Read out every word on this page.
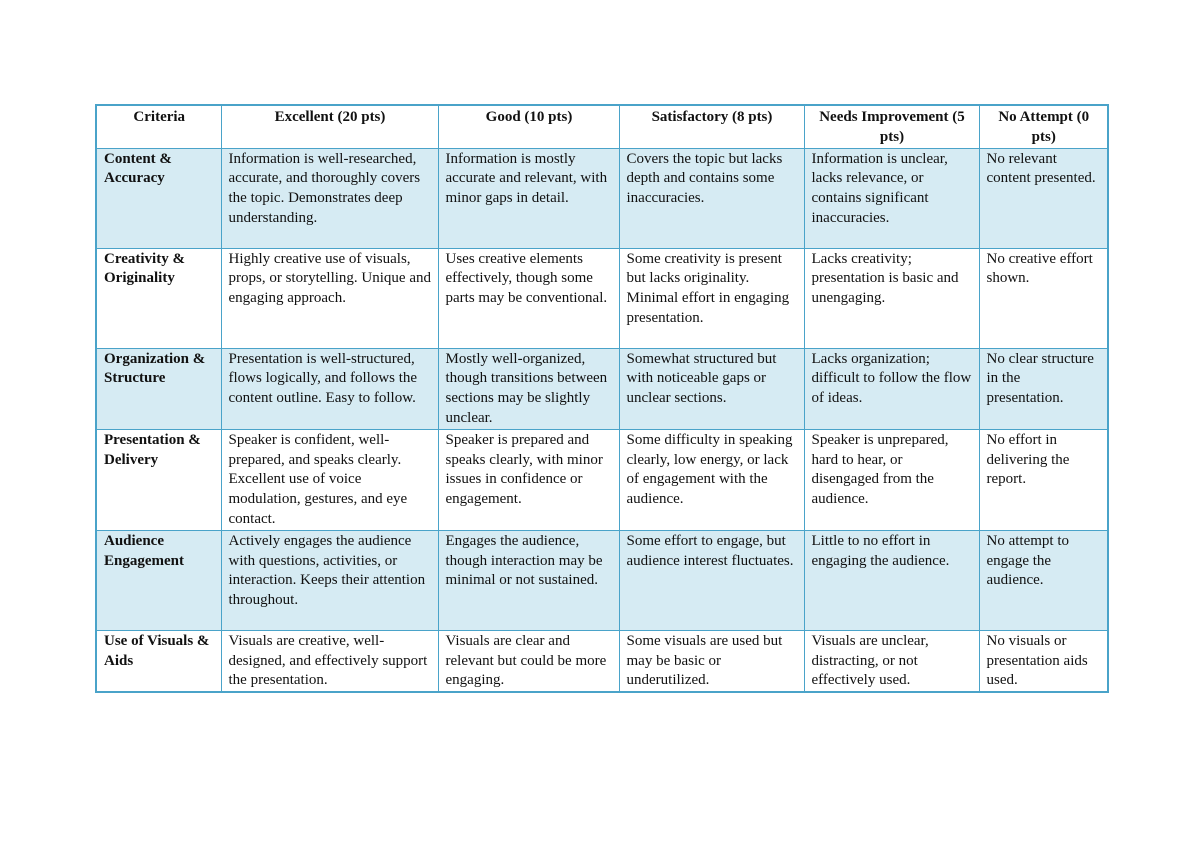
Criteria	Excellent (20 pts)	Good (10 pts)	Satisfactory (8 pts)	Needs Improvement (5 pts)	No Attempt (0 pts)
Content & Accuracy	Information is well-researched, accurate, and thoroughly covers the topic. Demonstrates deep understanding.	Information is mostly accurate and relevant, with minor gaps in detail.	Covers the topic but lacks depth and contains some inaccuracies.	Information is unclear, lacks relevance, or contains significant inaccuracies.	No relevant content presented.
Creativity & Originality	Highly creative use of visuals, props, or storytelling. Unique and engaging approach.	Uses creative elements effectively, though some parts may be conventional.	Some creativity is present but lacks originality. Minimal effort in engaging presentation.	Lacks creativity; presentation is basic and unengaging.	No creative effort shown.
Organization & Structure	Presentation is well-structured, flows logically, and follows the content outline. Easy to follow.	Mostly well-organized, though transitions between sections may be slightly unclear.	Somewhat structured but with noticeable gaps or unclear sections.	Lacks organization; difficult to follow the flow of ideas.	No clear structure in the presentation.
Presentation & Delivery	Speaker is confident, well-prepared, and speaks clearly. Excellent use of voice modulation, gestures, and eye contact.	Speaker is prepared and speaks clearly, with minor issues in confidence or engagement.	Some difficulty in speaking clearly, low energy, or lack of engagement with the audience.	Speaker is unprepared, hard to hear, or disengaged from the audience.	No effort in delivering the report.
Audience Engagement	Actively engages the audience with questions, activities, or interaction. Keeps their attention throughout.	Engages the audience, though interaction may be minimal or not sustained.	Some effort to engage, but audience interest fluctuates.	Little to no effort in engaging the audience.	No attempt to engage the audience.
Use of Visuals & Aids	Visuals are creative, well-designed, and effectively support the presentation.	Visuals are clear and relevant but could be more engaging.	Some visuals are used but may be basic or underutilized.	Visuals are unclear, distracting, or not effectively used.	No visuals or presentation aids used.
